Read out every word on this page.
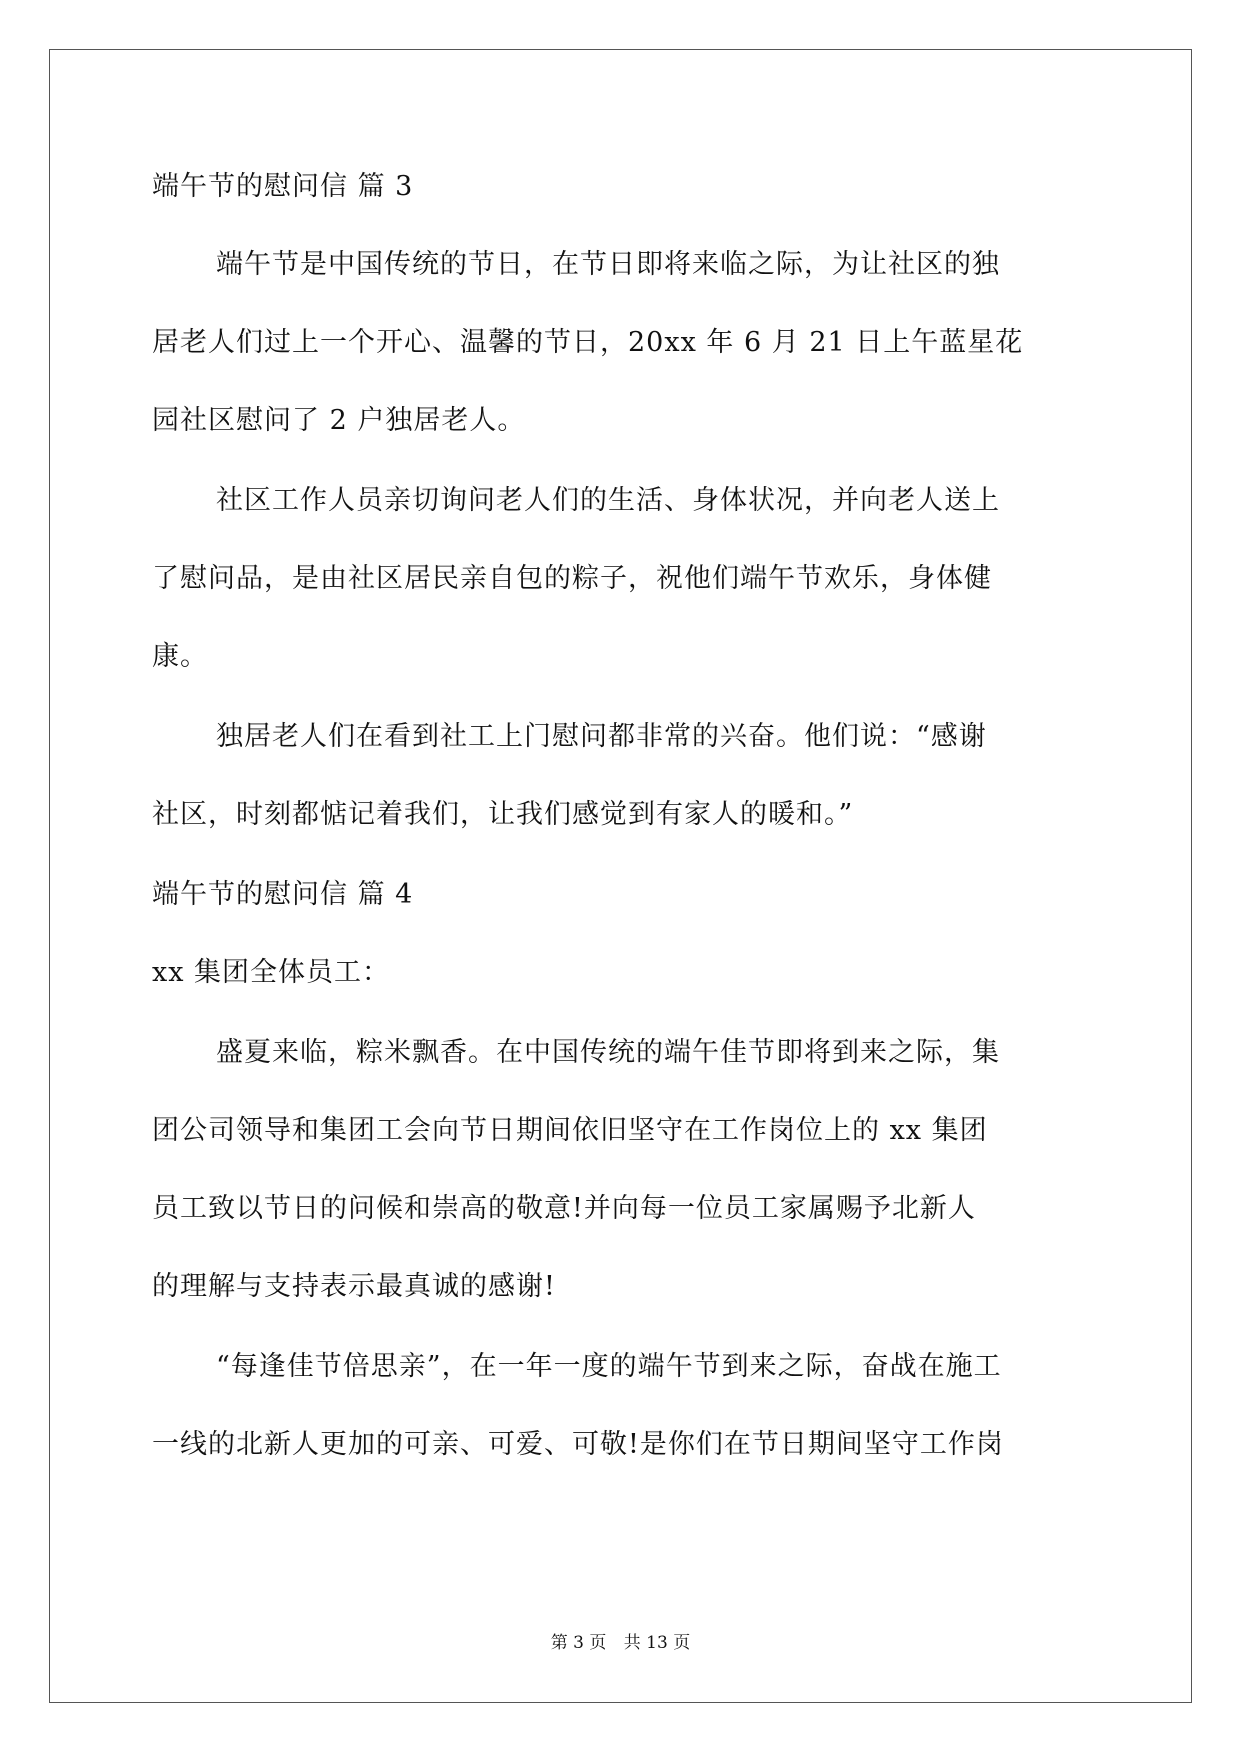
端午节的慰问信 篇 3
端午节是中国传统的节日，在节日即将来临之际，为让社区的独
居老人们过上一个开心、温馨的节日，20xx 年 6 月 21 日上午蓝星花
园社区慰问了 2 户独居老人。
社区工作人员亲切询问老人们的生活、身体状况，并向老人送上
了慰问品，是由社区居民亲自包的粽子，祝他们端午节欢乐，身体健
康。
独居老人们在看到社工上门慰问都非常的兴奋。他们说：“感谢
社区，时刻都惦记着我们，让我们感觉到有家人的暖和。”
端午节的慰问信 篇 4
xx 集团全体员工：
盛夏来临，粽米飘香。在中国传统的端午佳节即将到来之际，集
团公司领导和集团工会向节日期间依旧坚守在工作岗位上的 xx 集团
员工致以节日的问候和崇高的敬意!并向每一位员工家属赐予北新人
的理解与支持表示最真诚的感谢!
“每逢佳节倍思亲”，在一年一度的端午节到来之际，奋战在施工
一线的北新人更加的可亲、可爱、可敬!是你们在节日期间坚守工作岗
第 3 页 共 13 页
